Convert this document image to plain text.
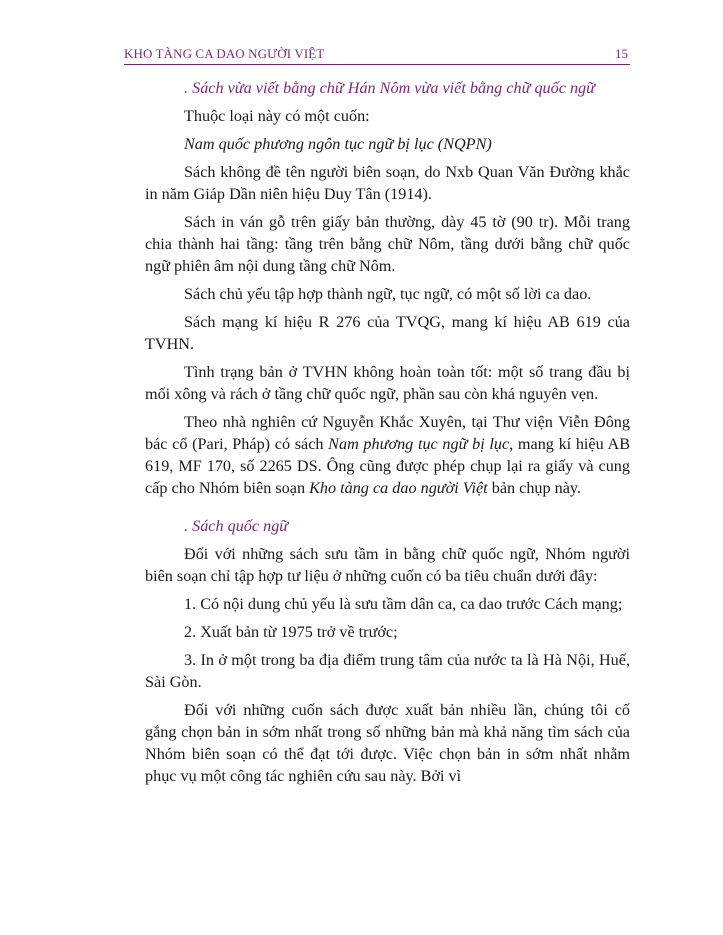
KHO TÀNG CA DAO NGƯỜI VIỆT	15

. Sách vừa viết bằng chữ Hán Nôm vừa viết bằng chữ quốc ngữ

Thuộc loại này có một cuốn:

Nam quốc phương ngôn tục ngữ bị lục (NQPN)

Sách không đề tên người biên soạn, do Nxb Quan Văn Đường khắc in năm Giáp Dần niên hiệu Duy Tân (1914).

Sách in ván gỗ trên giấy bản thường, dày 45 tờ (90 tr). Mỗi trang chia thành hai tầng: tầng trên bằng chữ Nôm, tầng dưới bằng chữ quốc ngữ phiên âm nội dung tầng chữ Nôm.

Sách chủ yếu tập hợp thành ngữ, tục ngữ, có một số lời ca dao.

Sách mạng kí hiệu R 276 của TVQG, mang kí hiệu AB 619 của TVHN.

Tình trạng bản ở TVHN không hoàn toàn tốt: một số trang đầu bị mối xông và rách ở tầng chữ quốc ngữ, phần sau còn khá nguyên vẹn.

Theo nhà nghiên cứ Nguyễn Khắc Xuyên, tại Thư viện Viễn Đông bác cổ (Pari, Pháp) có sách Nam phương tục ngữ bị lục, mang kí hiệu AB 619, MF 170, số 2265 DS. Ông cũng được phép chụp lại ra giấy và cung cấp cho Nhóm biên soạn Kho tàng ca dao người Việt bản chụp này.

. Sách quốc ngữ

Đối với những sách sưu tầm in bằng chữ quốc ngữ, Nhóm người biên soạn chỉ tập hợp tư liệu ở những cuốn có ba tiêu chuẩn dưới đây:

1. Có nội dung chủ yếu là sưu tầm dân ca, ca dao trước Cách mạng;

2. Xuất bản từ 1975 trở về trước;

3. In ở một trong ba địa điểm trung tâm của nước ta là Hà Nội, Huế, Sài Gòn.

Đối với những cuốn sách được xuất bản nhiều lần, chúng tôi cố gắng chọn bản in sớm nhất trong số những bản mà khả năng tìm sách của Nhóm biên soạn có thể đạt tới được. Việc chọn bản in sớm nhất nhằm phục vụ một công tác nghiên cứu sau này. Bởi vì
